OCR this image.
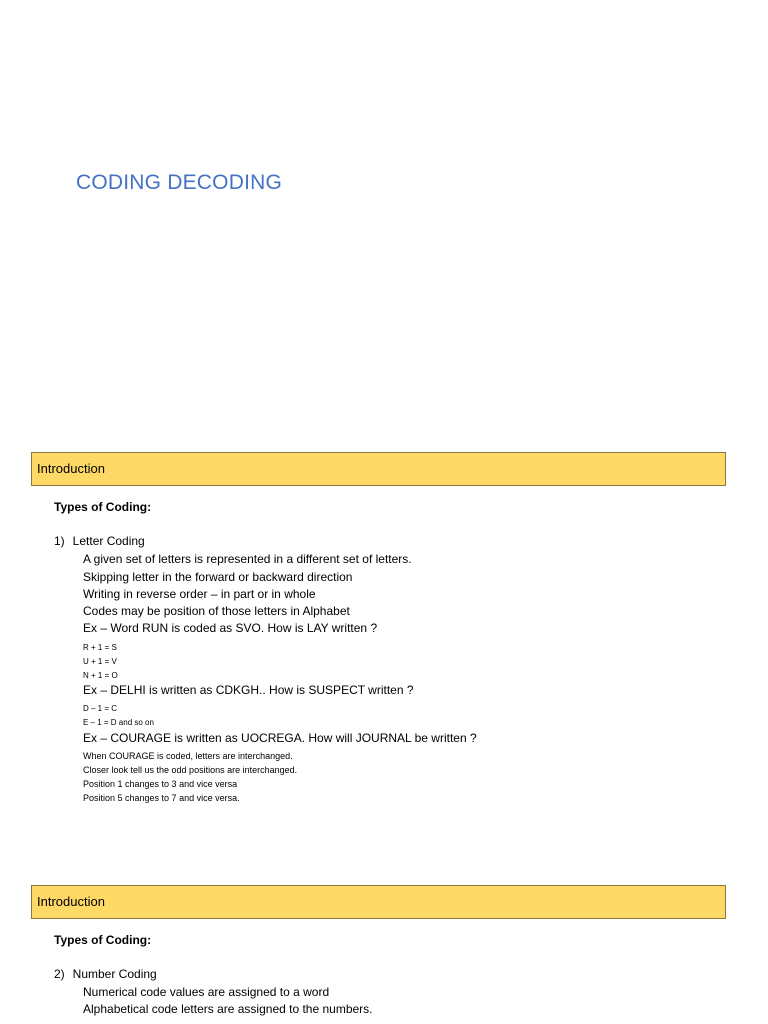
CODING DECODING
Introduction
Types of Coding:
1) Letter Coding
A given set of letters is represented in a different set of letters.
Skipping letter in the forward or backward direction
Writing in reverse order – in part or in whole
Codes may be position of those letters in Alphabet
Ex – Word RUN is coded as SVO. How is LAY written ?
R + 1 = S
U + 1 = V
N + 1 = O
Ex – DELHI is written as CDKGH.. How is SUSPECT written ?
D – 1 = C
E – 1 = D and so on
Ex – COURAGE is written as UOCREGA. How will JOURNAL be written ?
When COURAGE is coded, letters are interchanged.
Closer look tell us the odd positions are interchanged.
Position 1 changes to 3 and vice versa
Position 5 changes to 7 and vice versa.
Introduction
Types of Coding:
2) Number Coding
Numerical code values are assigned to a word
Alphabetical code letters are assigned to the numbers.
